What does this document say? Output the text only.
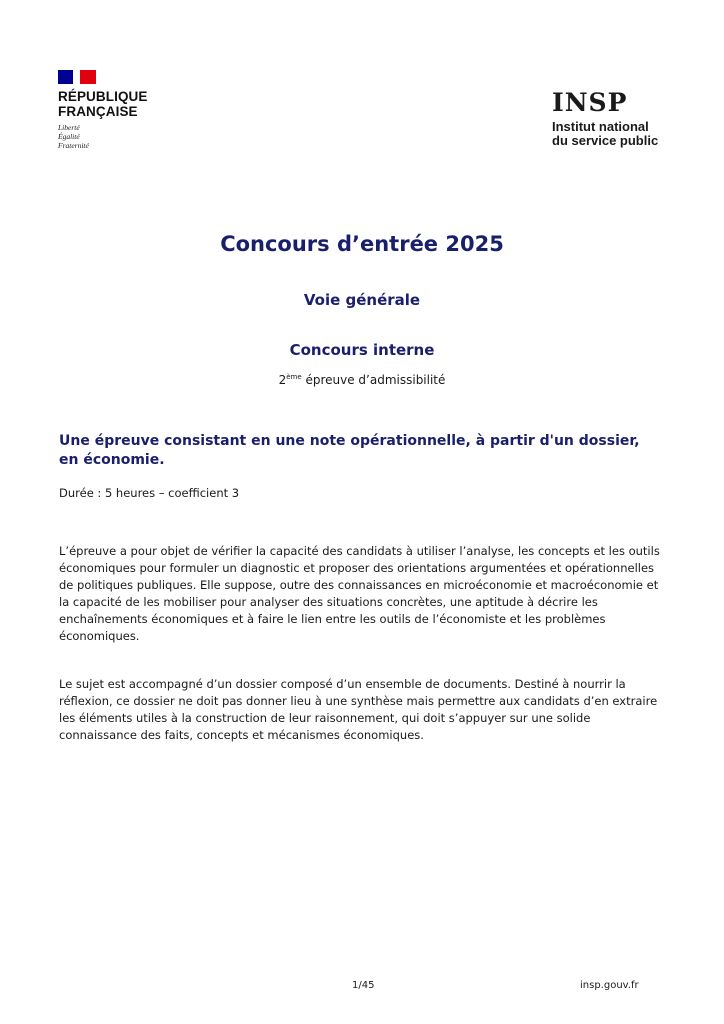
RÉPUBLIQUE
FRANÇAISE
Liberté
Égalité
Fraternité
INSP
Institut national
du service public
Concours d’entrée 2025
Voie générale
Concours interne
2ème épreuve d’admissibilité
Une épreuve consistant en une note opérationnelle, à partir d'un dossier, en économie.
Durée : 5 heures – coefficient 3
L’épreuve a pour objet de vérifier la capacité des candidats à utiliser l’analyse, les concepts et les outils économiques pour formuler un diagnostic et proposer des orientations argumentées et opérationnelles de politiques publiques. Elle suppose, outre des connaissances en microéconomie et macroéconomie et la capacité de les mobiliser pour analyser des situations concrètes, une aptitude à décrire les enchaînements économiques et à faire le lien entre les outils de l’économiste et les problèmes économiques.
Le sujet est accompagné d’un dossier composé d’un ensemble de documents. Destiné à nourrir la réflexion, ce dossier ne doit pas donner lieu à une synthèse mais permettre aux candidats d’en extraire les éléments utiles à la construction de leur raisonnement, qui doit s’appuyer sur une solide connaissance des faits, concepts et mécanismes économiques.
1/45	insp.gouv.fr
